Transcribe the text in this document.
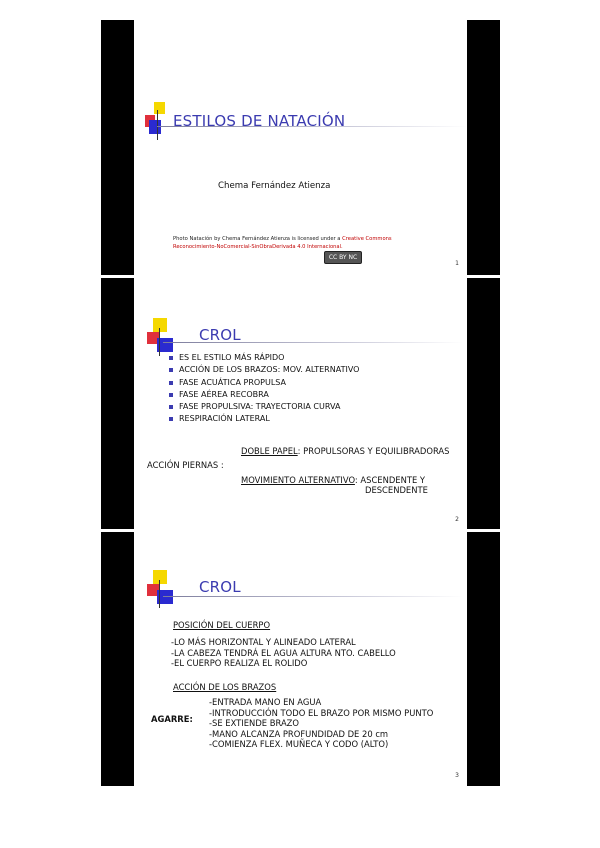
ESTILOS DE NATACIÓN
Chema Fernández Atienza
Photo Natación by Chema Fernández Atienza is licensed under a Creative Commons
Reconocimiento-NoComercial-SinObraDerivada 4.0 Internacional.
CC BY NC ND
1
CROL
ES EL ESTILO MÁS RÁPIDO
ACCIÓN DE LOS BRAZOS: MOV. ALTERNATIVO
FASE ACUÁTICA PROPULSA
FASE AÉREA RECOBRA
FASE PROPULSIVA: TRAYECTORIA CURVA
RESPIRACIÓN LATERAL
ACCIÓN PIERNAS :
DOBLE PAPEL: PROPULSORAS Y EQUILIBRADORAS
MOVIMIENTO ALTERNATIVO: ASCENDENTE Y
DESCENDENTE
2
CROL
POSICIÓN DEL CUERPO
-LO MÁS HORIZONTAL Y ALINEADO LATERAL
-LA CABEZA TENDRÁ EL AGUA ALTURA NTO. CABELLO
-EL CUERPO REALIZA EL ROLIDO
ACCIÓN DE LOS BRAZOS
AGARRE:
-ENTRADA MANO EN AGUA
-INTRODUCCIÓN TODO EL BRAZO POR MISMO PUNTO
-SE EXTIENDE BRAZO
-MANO ALCANZA PROFUNDIDAD DE 20 cm
-COMIENZA FLEX. MUÑECA Y CODO (ALTO)
3
